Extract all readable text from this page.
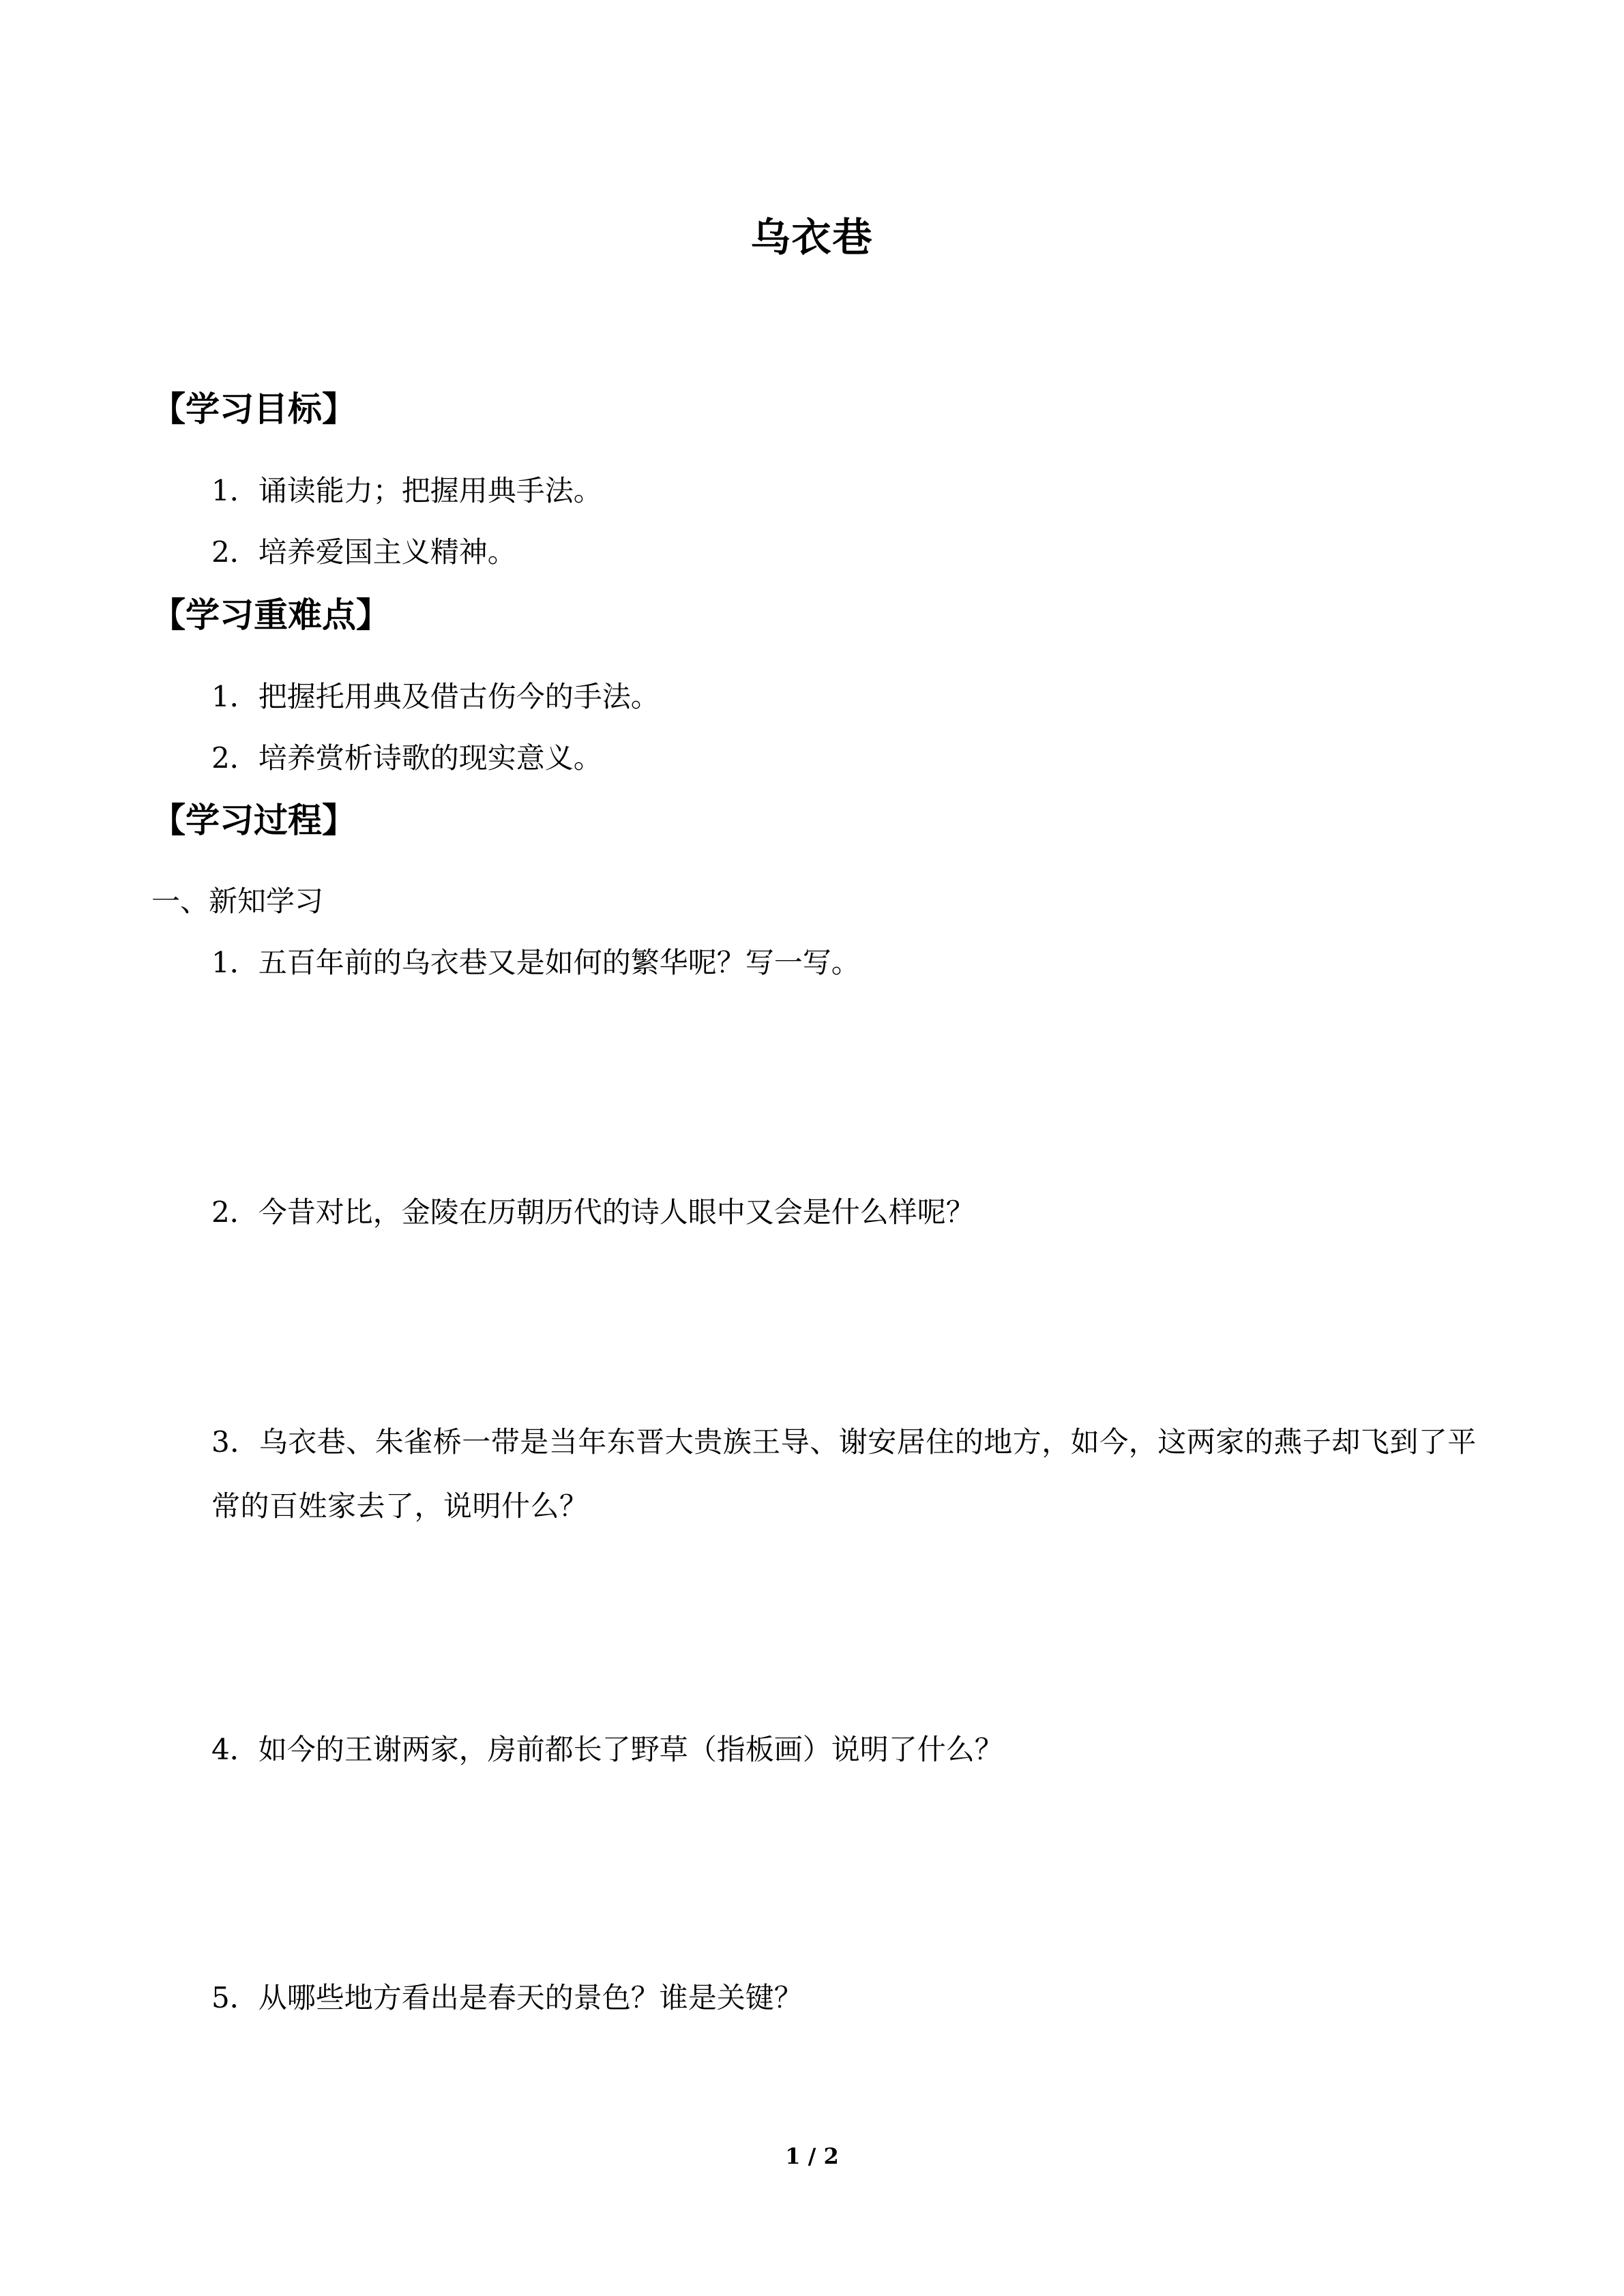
乌衣巷
【学习目标】
1．诵读能力；把握用典手法。
2．培养爱国主义精神。
【学习重难点】
1．把握托用典及借古伤今的手法。
2．培养赏析诗歌的现实意义。
【学习过程】
一、新知学习
1．五百年前的乌衣巷又是如何的繁华呢？写一写。
2．今昔对比，金陵在历朝历代的诗人眼中又会是什么样呢？
3．乌衣巷、朱雀桥一带是当年东晋大贵族王导、谢安居住的地方，如今，这两家的燕子却飞到了平常的百姓家去了，说明什么？
4．如今的王谢两家，房前都长了野草（指板画）说明了什么？
5．从哪些地方看出是春天的景色？谁是关键？
1 / 2
